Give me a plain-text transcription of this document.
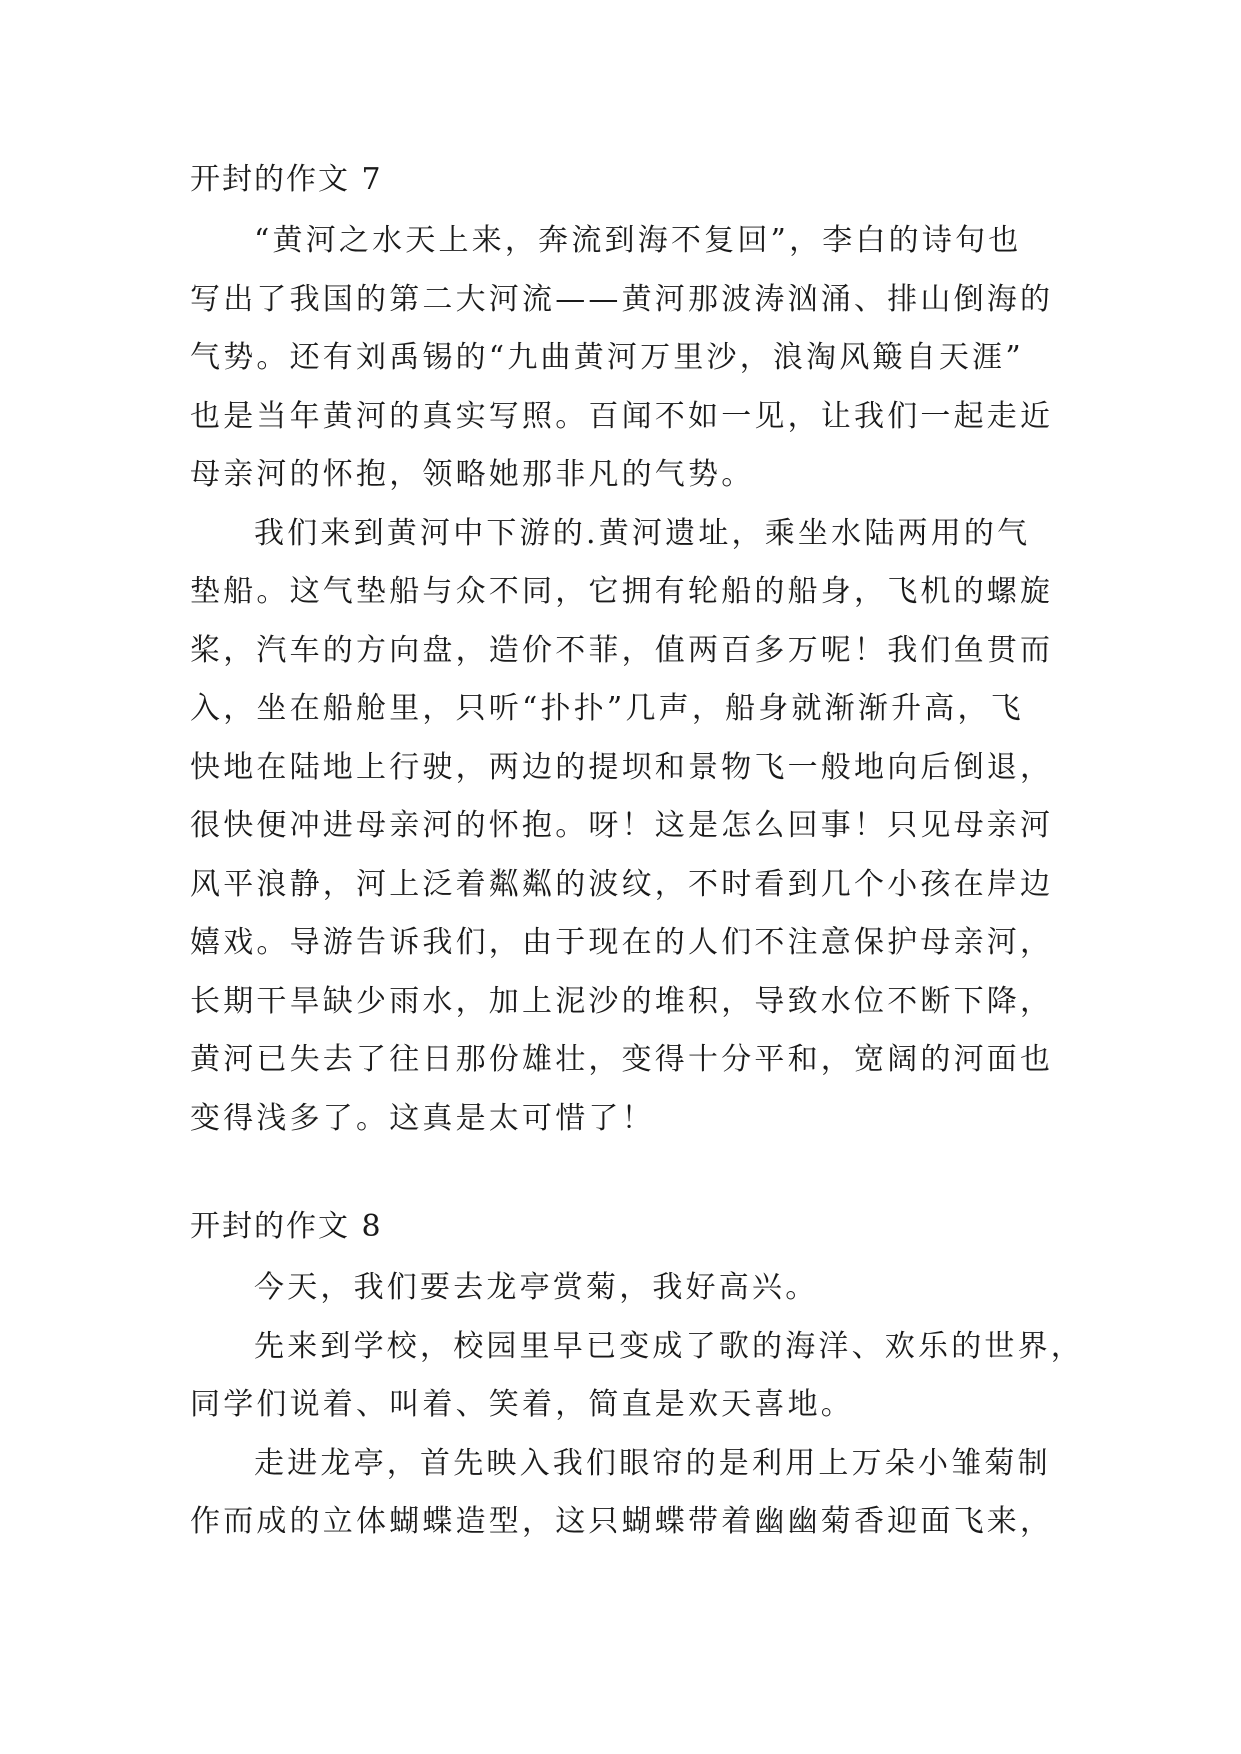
开封的作文 7

“黄河之水天上来，奔流到海不复回”，李白的诗句也

写出了我国的第二大河流——黄河那波涛汹涌、排山倒海的

气势。还有刘禹锡的“九曲黄河万里沙，浪淘风簸自天涯”

也是当年黄河的真实写照。百闻不如一见，让我们一起走近

母亲河的怀抱，领略她那非凡的气势。

我们来到黄河中下游的.黄河遗址，乘坐水陆两用的气

垫船。这气垫船与众不同，它拥有轮船的船身，飞机的螺旋

桨，汽车的方向盘，造价不菲，值两百多万呢！我们鱼贯而

入，坐在船舱里，只听“扑扑”几声，船身就渐渐升高，飞

快地在陆地上行驶，两边的提坝和景物飞一般地向后倒退，

很快便冲进母亲河的怀抱。呀！这是怎么回事！只见母亲河

风平浪静，河上泛着粼粼的波纹，不时看到几个小孩在岸边

嬉戏。导游告诉我们，由于现在的人们不注意保护母亲河，

长期干旱缺少雨水，加上泥沙的堆积，导致水位不断下降，

黄河已失去了往日那份雄壮，变得十分平和，宽阔的河面也

变得浅多了。这真是太可惜了！

开封的作文 8

今天，我们要去龙亭赏菊，我好高兴。

先来到学校，校园里早已变成了歌的海洋、欢乐的世界，

同学们说着、叫着、笑着，简直是欢天喜地。

走进龙亭，首先映入我们眼帘的是利用上万朵小雏菊制

作而成的立体蝴蝶造型，这只蝴蝶带着幽幽菊香迎面飞来，
